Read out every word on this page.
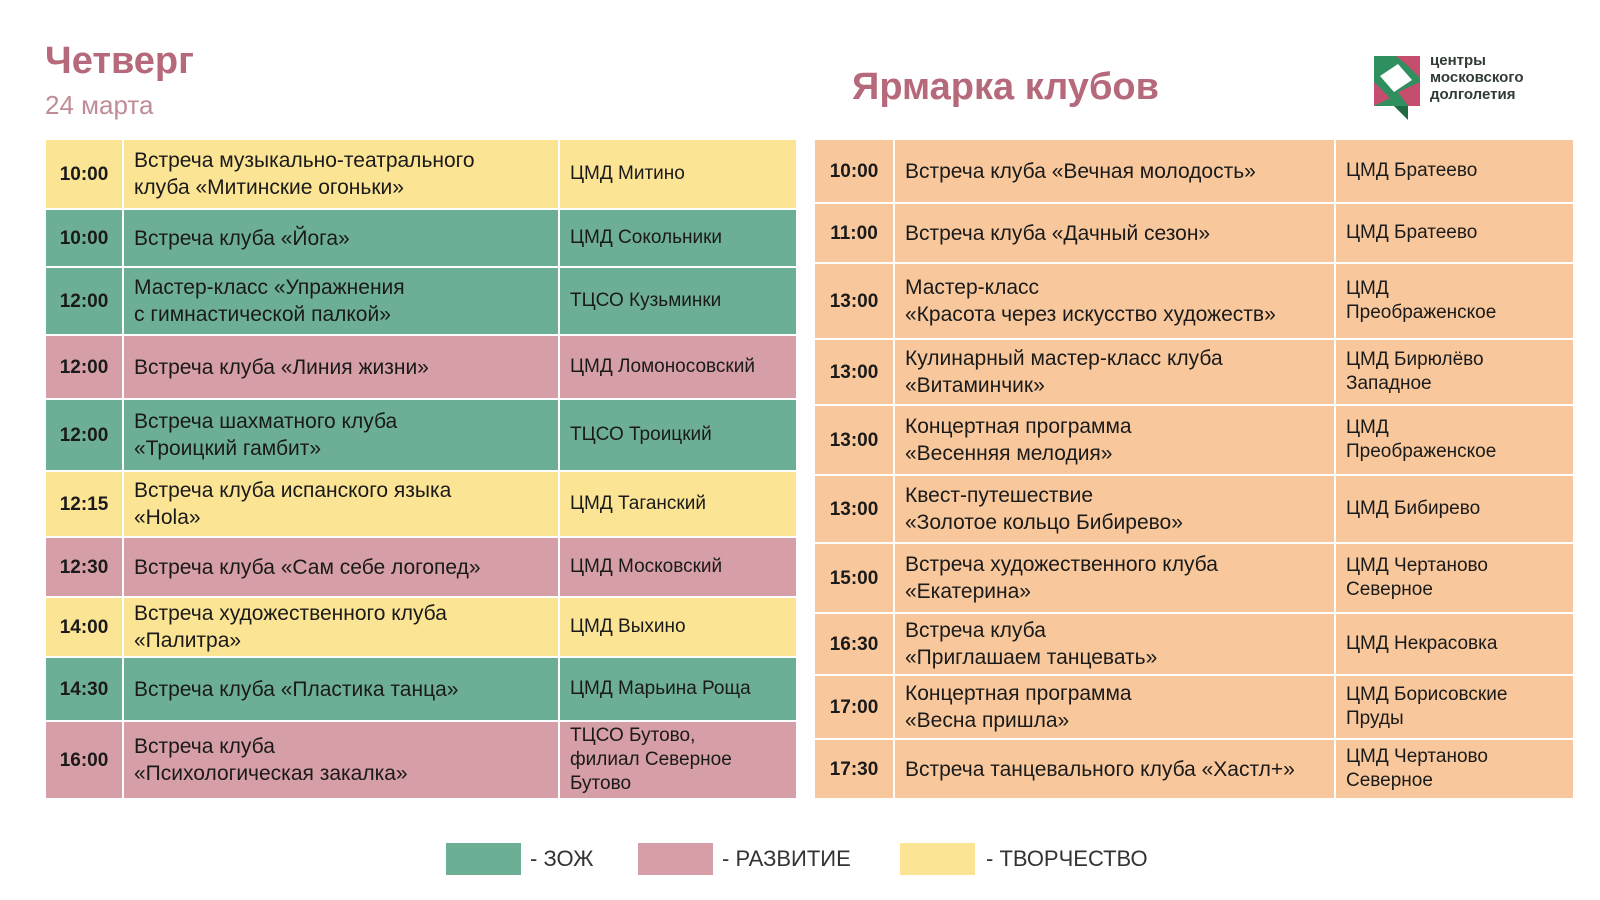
Четверг
24 марта	Ярмарка клубов
центры
московского
долголетия
10:00	Встреча музыкально-театрального
клуба «Митинские огоньки»	ЦМД Митино
10:00	Встреча клуба «Йога»	ЦМД Сокольники
12:00	Мастер-класс «Упражнения
с гимнастической палкой»	ТЦСО Кузьминки
12:00	Встреча клуба «Линия жизни»	ЦМД Ломоносовский
12:00	Встреча шахматного клуба
«Троицкий гамбит»	ТЦСО Троицкий
12:15	Встреча клуба испанского языка
«Hola»	ЦМД Таганский
12:30	Встреча клуба «Сам себе логопед»	ЦМД Московский
14:00	Встреча художественного клуба
«Палитра»	ЦМД Выхино
14:30	Встреча клуба «Пластика танца»	ЦМД Марьина Роща
16:00	Встреча клуба
«Психологическая закалка»	ТЦСО Бутово,
филиал Северное
Бутово
10:00	Встреча клуба «Вечная молодость»	ЦМД Братеево
11:00	Встреча клуба «Дачный сезон»	ЦМД Братеево
13:00	Мастер-класс
«Красота через искусство художеств»	ЦМД
Преображенское
13:00	Кулинарный мастер-класс клуба
«Витаминчик»	ЦМД Бирюлёво
Западное
13:00	Концертная программа
«Весенняя мелодия»	ЦМД
Преображенское
13:00	Квест-путешествие
«Золотое кольцо Бибирево»	ЦМД Бибирево
15:00	Встреча художественного клуба
«Екатерина»	ЦМД Чертаново
Северное
16:30	Встреча клуба
«Приглашаем танцевать»	ЦМД Некрасовка
17:00	Концертная программа
«Весна пришла»	ЦМД Борисовские
Пруды
17:30	Встреча танцевального клуба «Хастл+»	ЦМД Чертаново
Северное
- ЗОЖ	- РАЗВИТИЕ	- ТВОРЧЕСТВО
